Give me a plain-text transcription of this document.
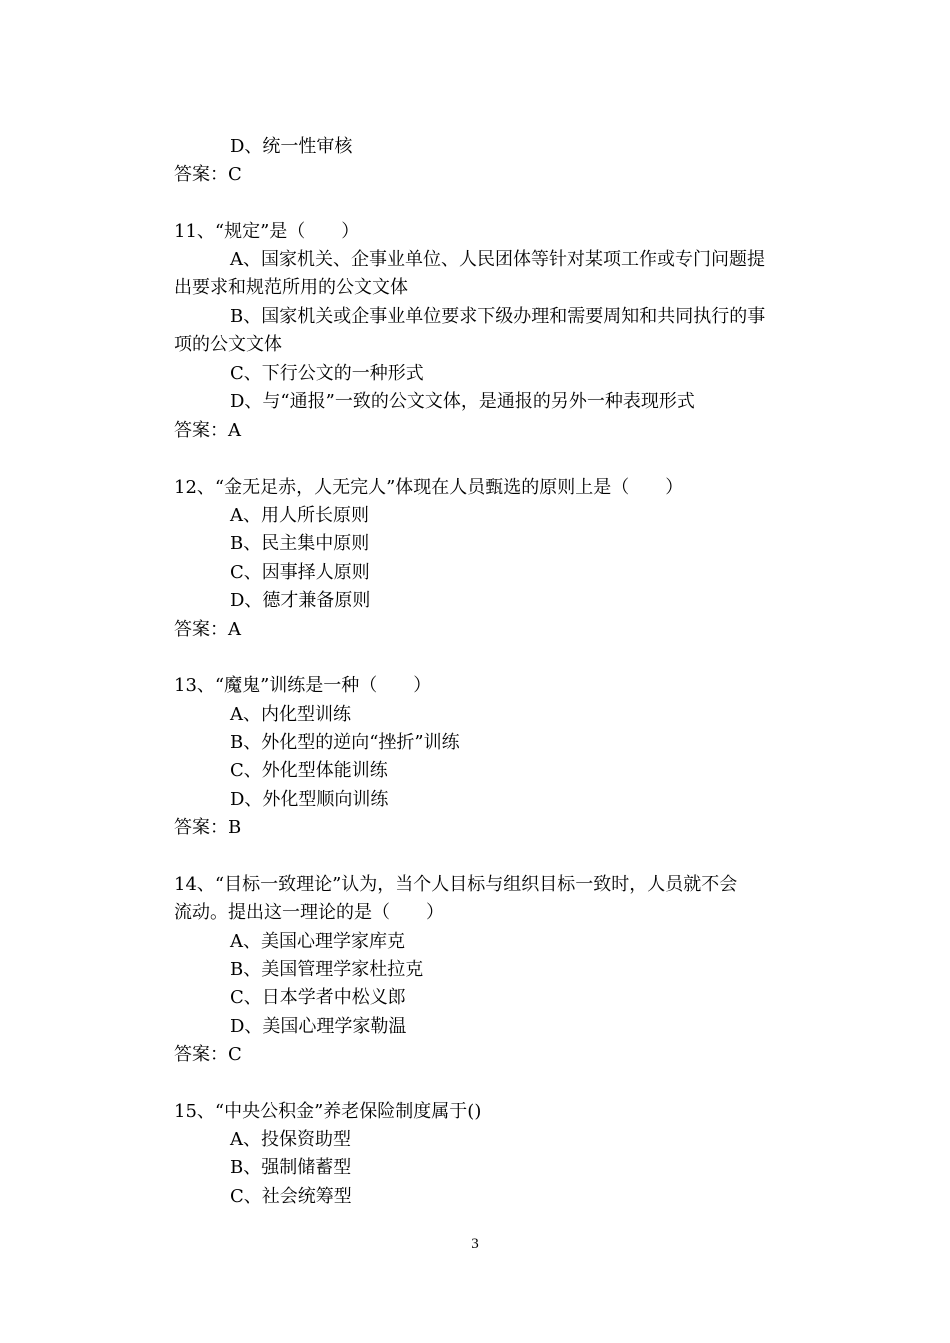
D、统一性审核
答案：C
11、“规定”是（　　）
A、国家机关、企事业单位、人民团体等针对某项工作或专门问题提
出要求和规范所用的公文文体
B、国家机关或企事业单位要求下级办理和需要周知和共同执行的事
项的公文文体
C、下行公文的一种形式
D、与“通报”一致的公文文体，是通报的另外一种表现形式
答案：A
12、“金无足赤，人无完人”体现在人员甄选的原则上是（　　）
A、用人所长原则
B、民主集中原则
C、因事择人原则
D、德才兼备原则
答案：A
13、“魔鬼”训练是一种（　　）
A、内化型训练
B、外化型的逆向“挫折”训练
C、外化型体能训练
D、外化型顺向训练
答案：B
14、“目标一致理论”认为，当个人目标与组织目标一致时，人员就不会
流动。提出这一理论的是（　　）
A、美国心理学家库克
B、美国管理学家杜拉克
C、日本学者中松义郎
D、美国心理学家勒温
答案：C
15、“中央公积金”养老保险制度属于()
A、投保资助型
B、强制储蓄型
C、社会统筹型
3
